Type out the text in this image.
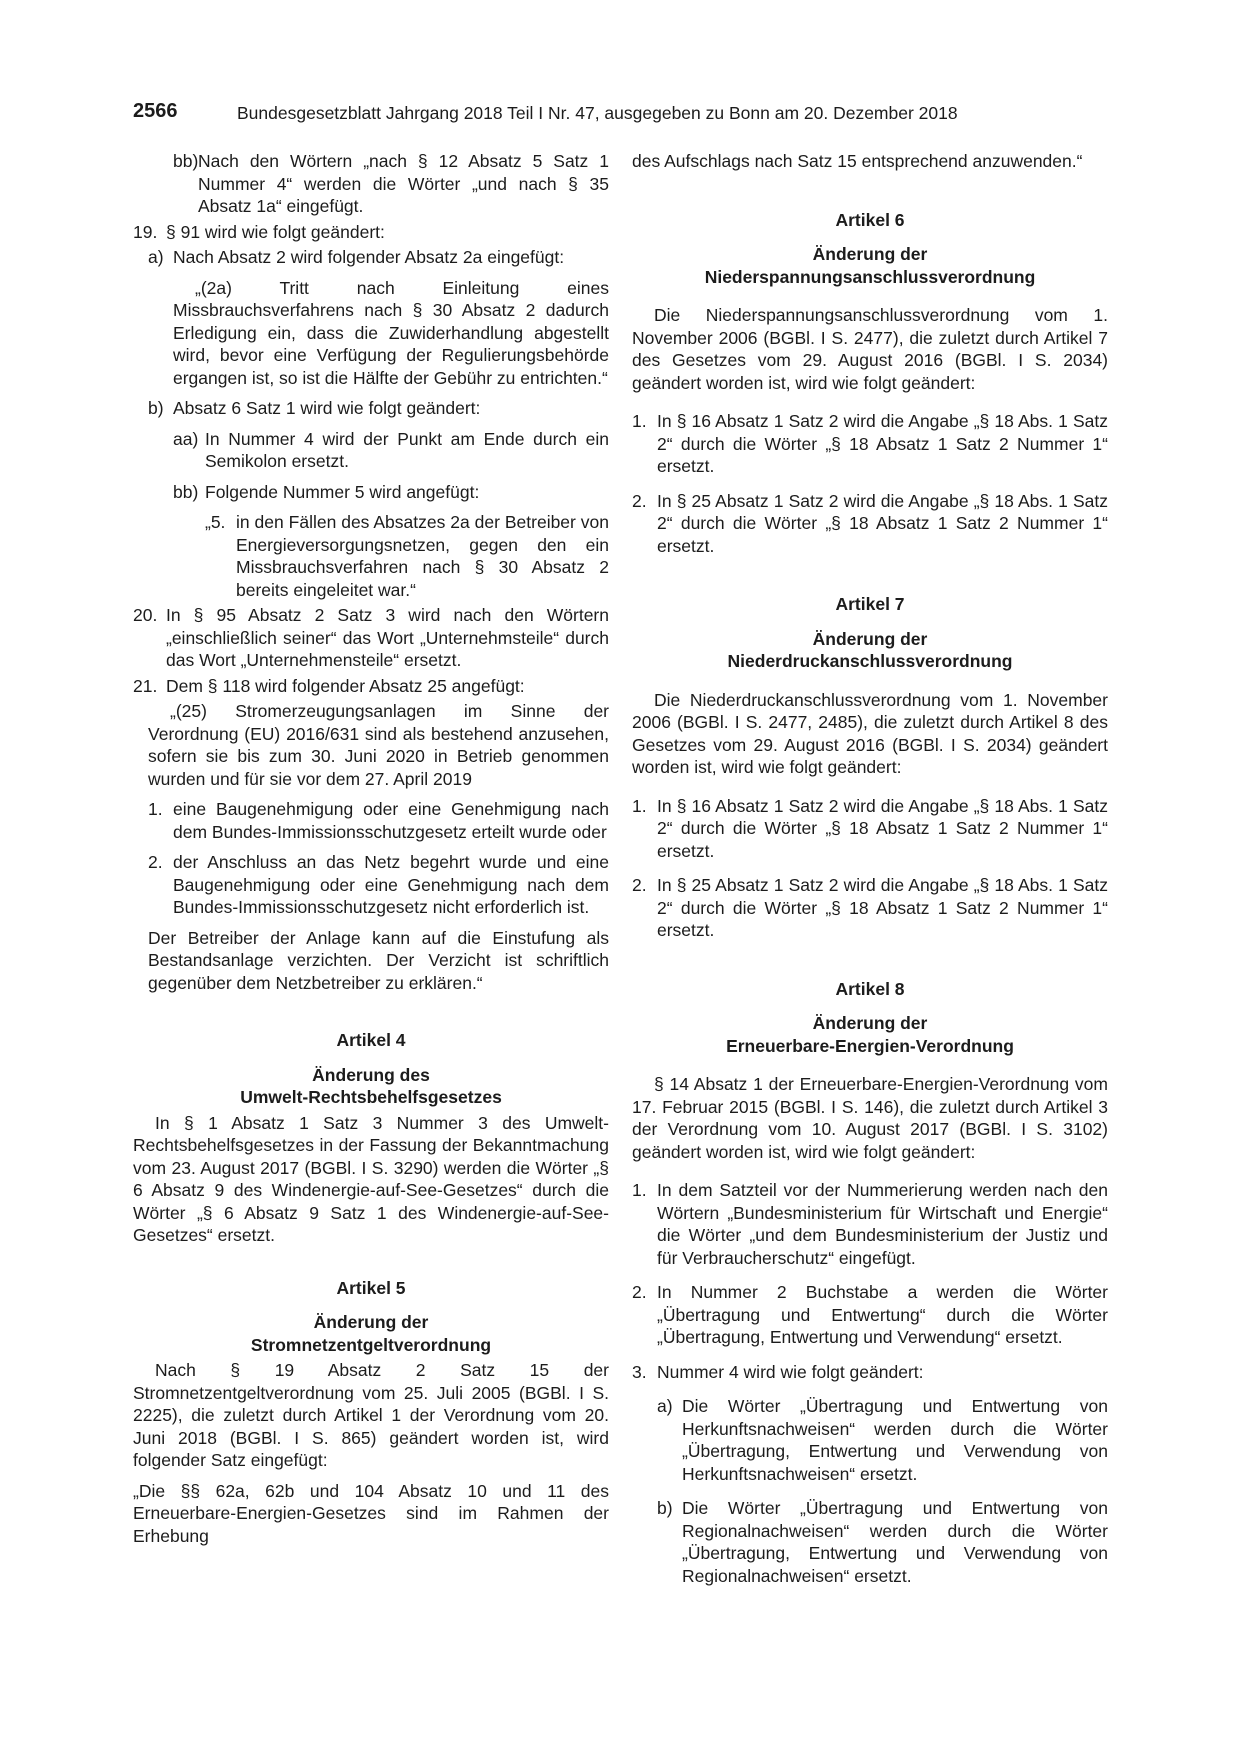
2566	Bundesgesetzblatt Jahrgang 2018 Teil I Nr. 47, ausgegeben zu Bonn am 20. Dezember 2018
bb) Nach den Wörtern „nach § 12 Absatz 5 Satz 1 Nummer 4“ werden die Wörter „und nach § 35 Absatz 1a“ eingefügt.
19. § 91 wird wie folgt geändert:
a) Nach Absatz 2 wird folgender Absatz 2a eingefügt:

„(2a) Tritt nach Einleitung eines Missbrauchsverfahrens nach § 30 Absatz 2 dadurch Erledigung ein, dass die Zuwiderhandlung abgestellt wird, bevor eine Verfügung der Regulierungsbehörde ergangen ist, so ist die Hälfte der Gebühr zu entrichten.“

b) Absatz 6 Satz 1 wird wie folgt geändert:
aa) In Nummer 4 wird der Punkt am Ende durch ein Semikolon ersetzt.
bb) Folgende Nummer 5 wird angefügt:
„5. in den Fällen des Absatzes 2a der Betreiber von Energieversorgungsnetzen, gegen den ein Missbrauchsverfahren nach § 30 Absatz 2 bereits eingeleitet war.“
20. In § 95 Absatz 2 Satz 3 wird nach den Wörtern „einschließlich seiner“ das Wort „Unternehmsteile“ durch das Wort „Unternehmensteile“ ersetzt.
21. Dem § 118 wird folgender Absatz 25 angefügt:

„(25) Stromerzeugungsanlagen im Sinne der Verordnung (EU) 2016/631 sind als bestehend anzusehen, sofern sie bis zum 30. Juni 2020 in Betrieb genommen wurden und für sie vor dem 27. April 2019

1. eine Baugenehmigung oder eine Genehmigung nach dem Bundes-Immissionsschutzgesetz erteilt wurde oder
2. der Anschluss an das Netz begehrt wurde und eine Baugenehmigung oder eine Genehmigung nach dem Bundes-Immissionsschutzgesetz nicht erforderlich ist.

Der Betreiber der Anlage kann auf die Einstufung als Bestandsanlage verzichten. Der Verzicht ist schriftlich gegenüber dem Netzbetreiber zu erklären.“

Artikel 4
Änderung des
Umwelt-Rechtsbehelfsgesetzes

In § 1 Absatz 1 Satz 3 Nummer 3 des Umwelt-Rechtsbehelfsgesetzes in der Fassung der Bekanntmachung vom 23. August 2017 (BGBl. I S. 3290) werden die Wörter „§ 6 Absatz 9 des Windenergie-auf-See-Gesetzes“ durch die Wörter „§ 6 Absatz 9 Satz 1 des Windenergie-auf-See-Gesetzes“ ersetzt.

Artikel 5
Änderung der
Stromnetzentgeltverordnung

Nach § 19 Absatz 2 Satz 15 der Stromnetzentgeltverordnung vom 25. Juli 2005 (BGBl. I S. 2225), die zuletzt durch Artikel 1 der Verordnung vom 20. Juni 2018 (BGBl. I S. 865) geändert worden ist, wird folgender Satz eingefügt:

„Die §§ 62a, 62b und 104 Absatz 10 und 11 des Erneuerbare-Energien-Gesetzes sind im Rahmen der Erhebung

des Aufschlags nach Satz 15 entsprechend anzuwenden.“

Artikel 6
Änderung der
Niederspannungsanschlussverordnung

Die Niederspannungsanschlussverordnung vom 1. November 2006 (BGBl. I S. 2477), die zuletzt durch Artikel 7 des Gesetzes vom 29. August 2016 (BGBl. I S. 2034) geändert worden ist, wird wie folgt geändert:

1. In § 16 Absatz 1 Satz 2 wird die Angabe „§ 18 Abs. 1 Satz 2“ durch die Wörter „§ 18 Absatz 1 Satz 2 Nummer 1“ ersetzt.
2. In § 25 Absatz 1 Satz 2 wird die Angabe „§ 18 Abs. 1 Satz 2“ durch die Wörter „§ 18 Absatz 1 Satz 2 Nummer 1“ ersetzt.
Artikel 7
Änderung der
Niederdruckanschlussverordnung

Die Niederdruckanschlussverordnung vom 1. November 2006 (BGBl. I S. 2477, 2485), die zuletzt durch Artikel 8 des Gesetzes vom 29. August 2016 (BGBl. I S. 2034) geändert worden ist, wird wie folgt geändert:

1. In § 16 Absatz 1 Satz 2 wird die Angabe „§ 18 Abs. 1 Satz 2“ durch die Wörter „§ 18 Absatz 1 Satz 2 Nummer 1“ ersetzt.
2. In § 25 Absatz 1 Satz 2 wird die Angabe „§ 18 Abs. 1 Satz 2“ durch die Wörter „§ 18 Absatz 1 Satz 2 Nummer 1“ ersetzt.
Artikel 8
Änderung der
Erneuerbare-Energien-Verordnung

§ 14 Absatz 1 der Erneuerbare-Energien-Verordnung vom 17. Februar 2015 (BGBl. I S. 146), die zuletzt durch Artikel 3 der Verordnung vom 10. August 2017 (BGBl. I S. 3102) geändert worden ist, wird wie folgt geändert:

1. In dem Satzteil vor der Nummerierung werden nach den Wörtern „Bundesministerium für Wirtschaft und Energie“ die Wörter „und dem Bundesministerium der Justiz und für Verbraucherschutz“ eingefügt.
2. In Nummer 2 Buchstabe a werden die Wörter „Übertragung und Entwertung“ durch die Wörter „Übertragung, Entwertung und Verwendung“ ersetzt.
3. Nummer 4 wird wie folgt geändert:
a) Die Wörter „Übertragung und Entwertung von Herkunftsnachweisen“ werden durch die Wörter „Übertragung, Entwertung und Verwendung von Herkunftsnachweisen“ ersetzt.
b) Die Wörter „Übertragung und Entwertung von Regionalnachweisen“ werden durch die Wörter „Übertragung, Entwertung und Verwendung von Regionalnachweisen“ ersetzt.
